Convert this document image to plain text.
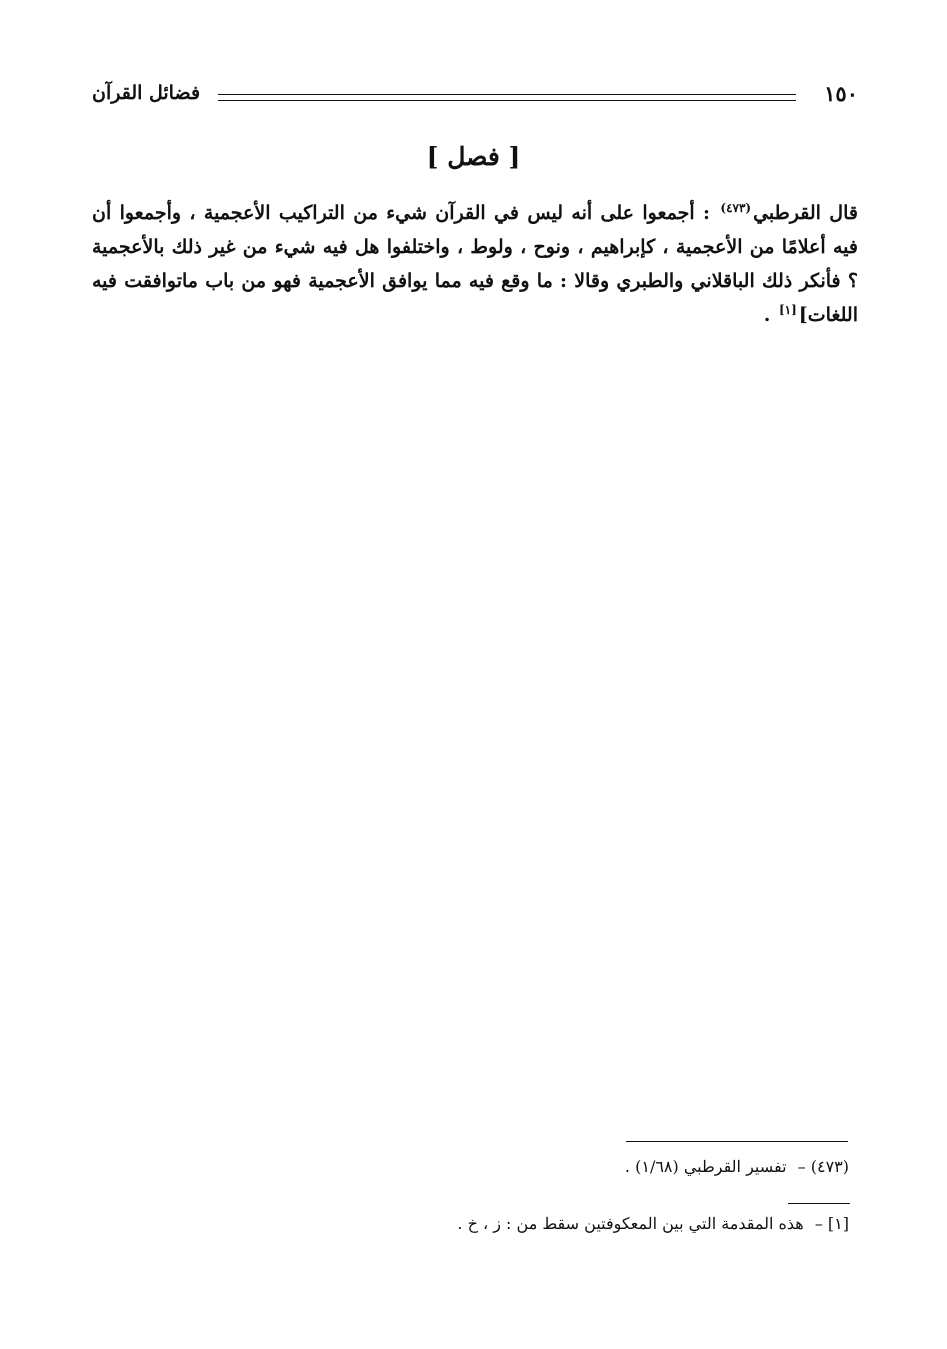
١٥٠
فضائل القرآن
[ فصل ]
قال القرطبي$^{(٤٧٣)}$ : أجمعوا على أنه ليس في القرآن شيء من التراكيب الأعجمية ، وأجمعوا أن فيه أعلامًا من الأعجمية ، كإبراهيم ، ونوح ، ولوط ، واختلفوا هل فيه شيء من غير ذلك بالأعجمية ؟ فأنكر ذلك الباقلاني والطبري وقالا : ما وقع فيه مما يوافق الأعجمية فهو من باب ماتوافقت فيه اللغات][١] .
(٤٧٣) – تفسير القرطبي (١/٦٨) .
[١] – هذه المقدمة التي بين المعكوفتين سقط من : ز ، خ .
